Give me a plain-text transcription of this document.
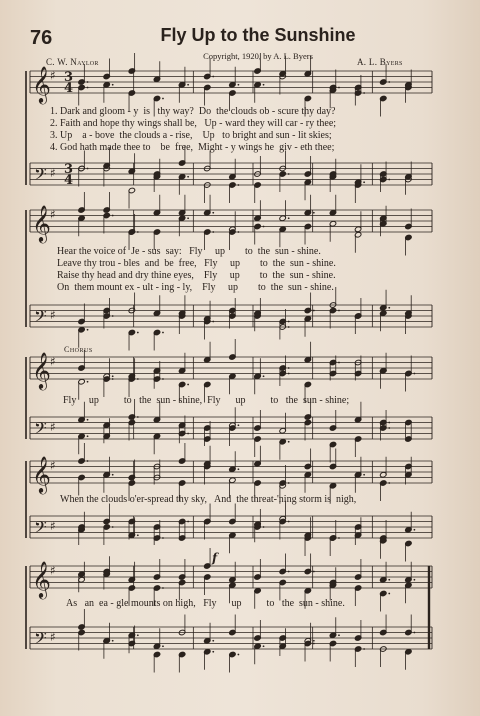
76	Fly Up to the Sunshine
Copyright, 1920, by A. L. Byers
C. W. Naylor	A. L. Byers
𝄞 ♯
𝄢 ♯
3
4
3
4
𝄞 ♯
𝄢 ♯
𝄞 ♯
𝄢 ♯
𝄞 ♯
𝄢 ♯
𝄞 ♯
𝄢 ♯
f
1. Dark and gloom - y  is   thy way?  Do  the clouds ob - scure thy day?
2. Faith and hope thy wings shall be,   Up - ward they will car - ry thee;
3. Up    a - bove  the clouds a - rise,    Up   to bright and sun - lit skies;
4. God hath made thee to    be  free,  Might - y wings he  giv - eth thee;
Hear the voice of  Je - sus  say:   Fly     up        to  the  sun - shine.
Leave thy trou - bles  and  be  free,   Fly     up        to  the  sun - shine.
Raise thy head and dry thine eyes,    Fly     up        to  the  sun - shine.
On  them mount ex - ult - ing - ly,    Fly     up        to  the  sun - shine.
Chorus
Fly     up          to   the  sun - shine,  Fly      up          to   the  sun - shine;
When the clouds o'er-spread thy sky,   And  the threat-'ning storm is  nigh,
As   an  ea - gle mounts on high,   Fly      up          to   the  sun - shine.
